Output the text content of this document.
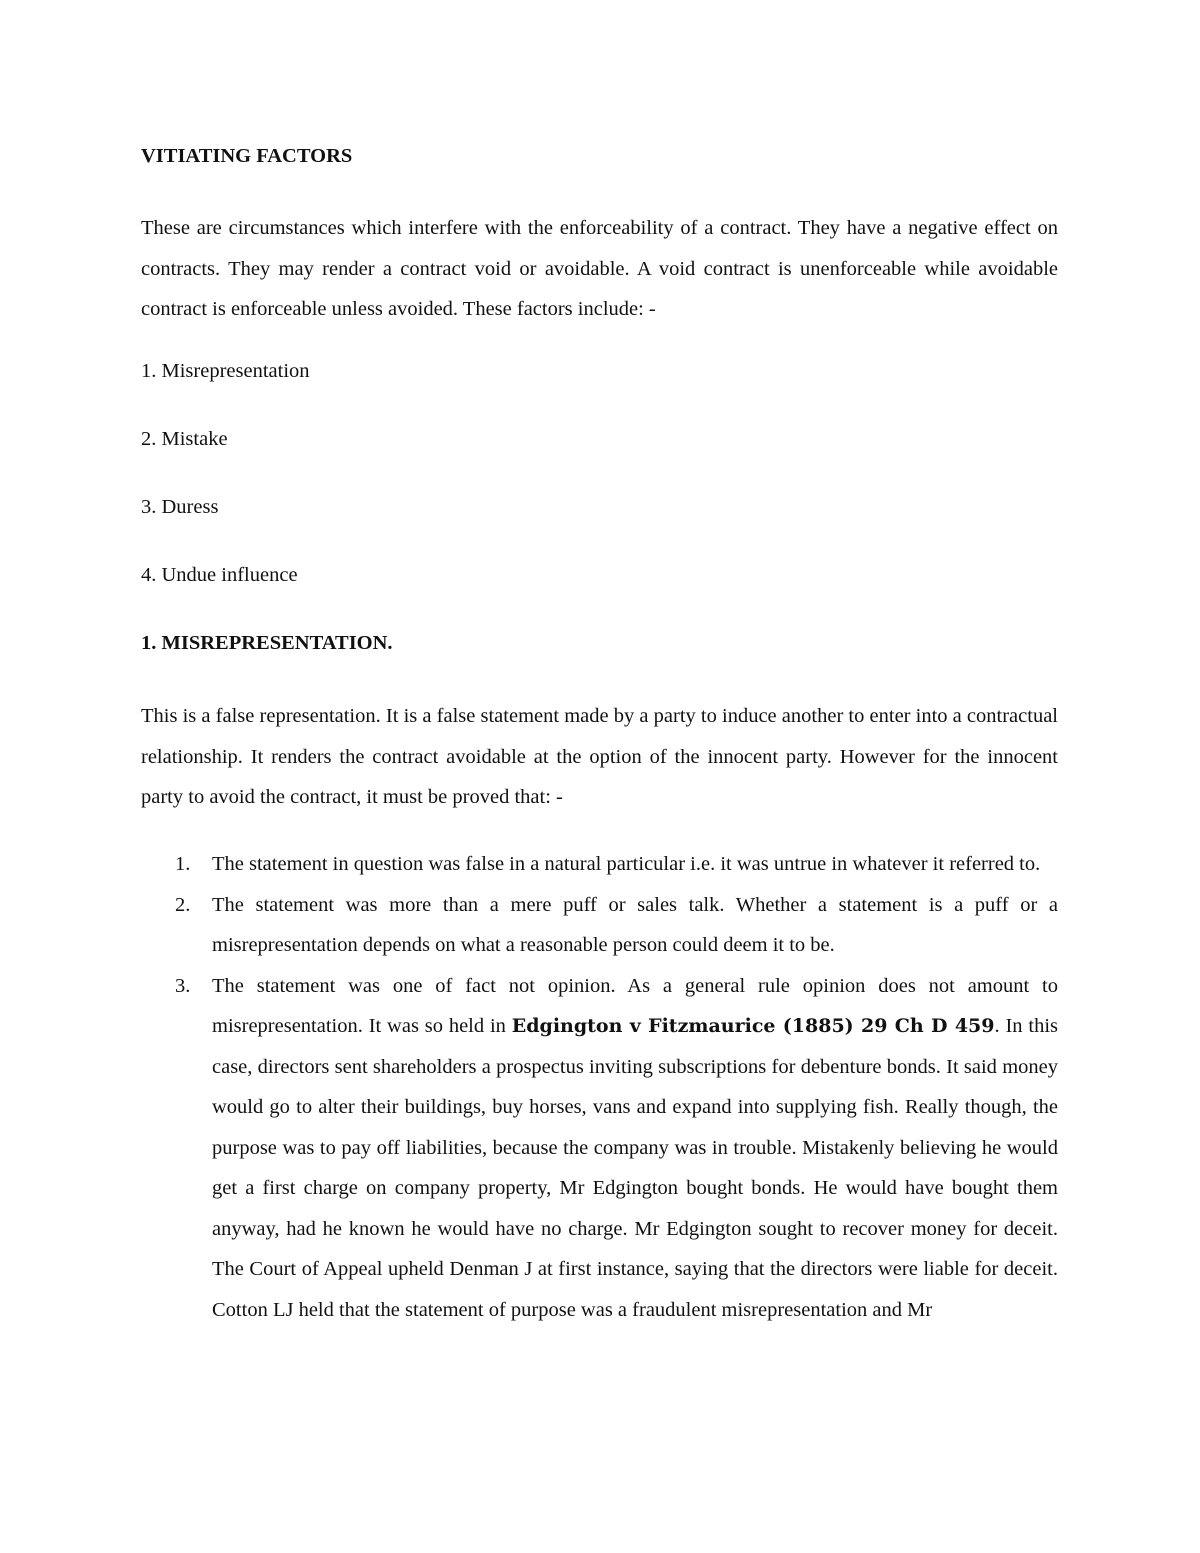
VITIATING FACTORS

These are circumstances which interfere with the enforceability of a contract. They have a negative effect on contracts. They may render a contract void or avoidable. A void contract is unenforceable while avoidable contract is enforceable unless avoided. These factors include: -

1. Misrepresentation

2. Mistake

3. Duress

4. Undue influence

1. MISREPRESENTATION.

This is a false representation. It is a false statement made by a party to induce another to enter into a contractual relationship. It renders the contract avoidable at the option of the innocent party. However for the innocent party to avoid the contract, it must be proved that: -

1. The statement in question was false in a natural particular i.e. it was untrue in whatever it referred to.
2. The statement was more than a mere puff or sales talk. Whether a statement is a puff or a misrepresentation depends on what a reasonable person could deem it to be.
3. The statement was one of fact not opinion. As a general rule opinion does not amount to misrepresentation. It was so held in Edgington v Fitzmaurice (1885) 29 Ch D 459. In this case, directors sent shareholders a prospectus inviting subscriptions for debenture bonds. It said money would go to alter their buildings, buy horses, vans and expand into supplying fish. Really though, the purpose was to pay off liabilities, because the company was in trouble. Mistakenly believing he would get a first charge on company property, Mr Edgington bought bonds. He would have bought them anyway, had he known he would have no charge. Mr Edgington sought to recover money for deceit. The Court of Appeal upheld Denman J at first instance, saying that the directors were liable for deceit. Cotton LJ held that the statement of purpose was a fraudulent misrepresentation and Mr
